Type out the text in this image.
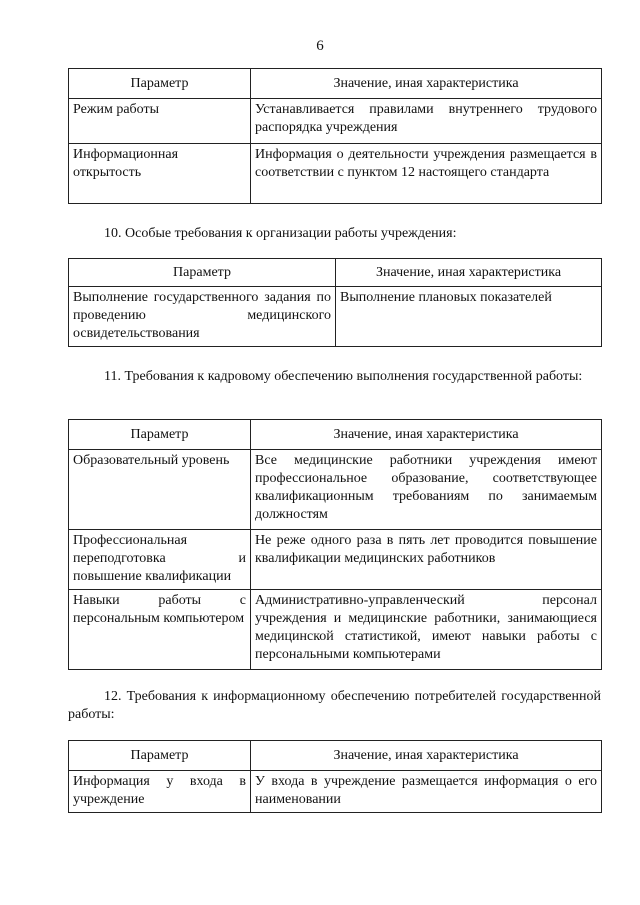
6
Параметр	Значение, иная характеристика
Режим работы	Устанавливается правилами внутреннего трудового распорядка учреждения
Информационная открытость	Информация о деятельности учреждения размещается в соответствии с пунктом 12 настоящего стандарта
10. Особые требования к организации работы учреждения:
Параметр	Значение, иная характеристика
Выполнение государственного задания по проведению медицинского освидетельствования	Выполнение плановых показателей
11. Требования к кадровому обеспечению выполнения государственной работы:
Параметр	Значение, иная характеристика
Образовательный уровень	Все медицинские работники учреждения имеют профессиональное образование, соответствующее квалификационным требованиям по занимаемым должностям
Профессиональная переподготовка и повышение квалификации	Не реже одного раза в пять лет проводится повышение квалификации медицинских работников
Навыки работы с персональным компьютером	Административно-управленческий персонал учреждения и медицинские работники, занимающиеся медицинской статистикой, имеют навыки работы с персональными компьютерами
12. Требования к информационному обеспечению потребителей государственной работы:
Параметр	Значение, иная характеристика
Информация у входа в учреждение	У входа в учреждение размещается информация о его наименовании
